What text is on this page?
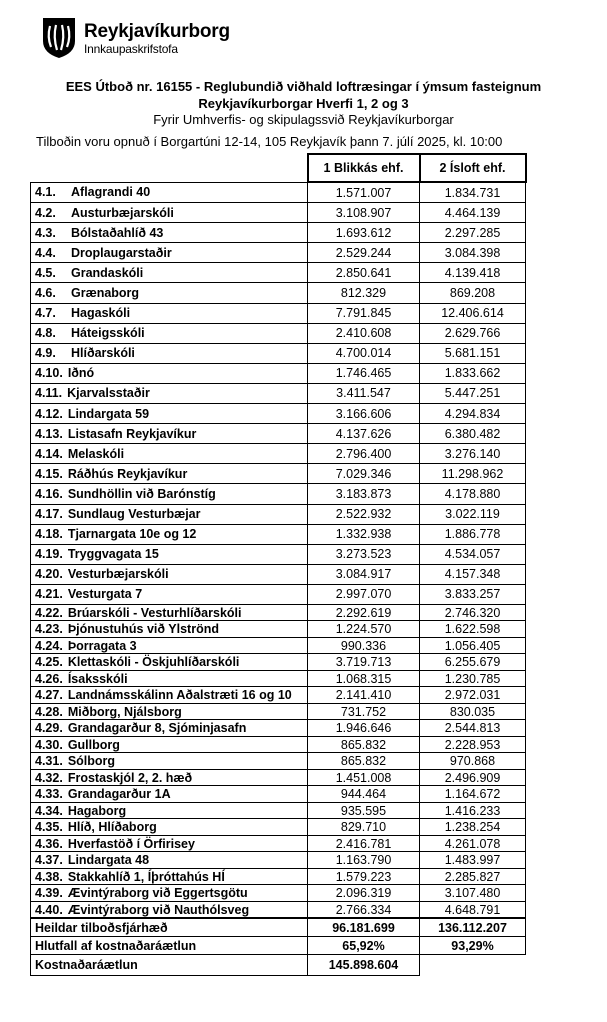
Reykjavíkurborg
Innkaupaskrifstofa
EES Útboð nr. 16155 - Reglubundið viðhald loftræsingar í ýmsum fasteignum
Reykjavíkurborgar Hverfi 1, 2 og 3
Fyrir Umhverfis- og skipulagssvið Reykjavíkurborgar
Tilboðin voru opnuð í Borgartúni 12-14, 105 Reykjavík þann 7. júlí 2025, kl. 10:00
	1 Blikkás ehf.	2 Ísloft ehf.
4.1. Aflagrandi 40	1.571.007	1.834.731
4.2. Austurbæjarskóli	3.108.907	4.464.139
4.3. Bólstaðahlíð 43	1.693.612	2.297.285
4.4. Droplaugarstaðir	2.529.244	3.084.398
4.5. Grandaskóli	2.850.641	4.139.418
4.6. Grænaborg	812.329	869.208
4.7. Hagaskóli	7.791.845	12.406.614
4.8. Háteigsskóli	2.410.608	2.629.766
4.9. Hlíðarskóli	4.700.014	5.681.151
4.10. Iðnó	1.746.465	1.833.662
4.11. Kjarvalsstaðir	3.411.547	5.447.251
4.12. Lindargata 59	3.166.606	4.294.834
4.13. Listasafn Reykjavíkur	4.137.626	6.380.482
4.14. Melaskóli	2.796.400	3.276.140
4.15. Ráðhús Reykjavíkur	7.029.346	11.298.962
4.16. Sundhöllin við Barónstíg	3.183.873	4.178.880
4.17. Sundlaug Vesturbæjar	2.522.932	3.022.119
4.18. Tjarnargata 10e og 12	1.332.938	1.886.778
4.19. Tryggvagata 15	3.273.523	4.534.057
4.20. Vesturbæjarskóli	3.084.917	4.157.348
4.21. Vesturgata 7	2.997.070	3.833.257
4.22. Brúarskóli - Vesturhlíðarskóli	2.292.619	2.746.320
4.23. Þjónustuhús við Ylströnd	1.224.570	1.622.598
4.24. Þorragata 3	990.336	1.056.405
4.25. Klettaskóli - Öskjuhlíðarskóli	3.719.713	6.255.679
4.26. Ísaksskóli	1.068.315	1.230.785
4.27. Landnámsskálinn Aðalstræti 16 og 10	2.141.410	2.972.031
4.28. Miðborg, Njálsborg	731.752	830.035
4.29. Grandagarður 8, Sjóminjasafn	1.946.646	2.544.813
4.30. Gullborg	865.832	2.228.953
4.31. Sólborg	865.832	970.868
4.32. Frostaskjól 2, 2. hæð	1.451.008	2.496.909
4.33. Grandagarður 1A	944.464	1.164.672
4.34. Hagaborg	935.595	1.416.233
4.35. Hlíð, Hlíðaborg	829.710	1.238.254
4.36. Hverfastöð í Örfirisey	2.416.781	4.261.078
4.37. Lindargata 48	1.163.790	1.483.997
4.38. Stakkahlíð 1, Íþróttahús HÍ	1.579.223	2.285.827
4.39. Ævintýraborg við Eggertsgötu	2.096.319	3.107.480
4.40. Ævintýraborg við Nauthólsveg	2.766.334	4.648.791
Heildar tilboðsfjárhæð	96.181.699	136.112.207
Hlutfall af kostnaðaráætlun	65,92%	93,29%
Kostnaðaráætlun	145.898.604	
